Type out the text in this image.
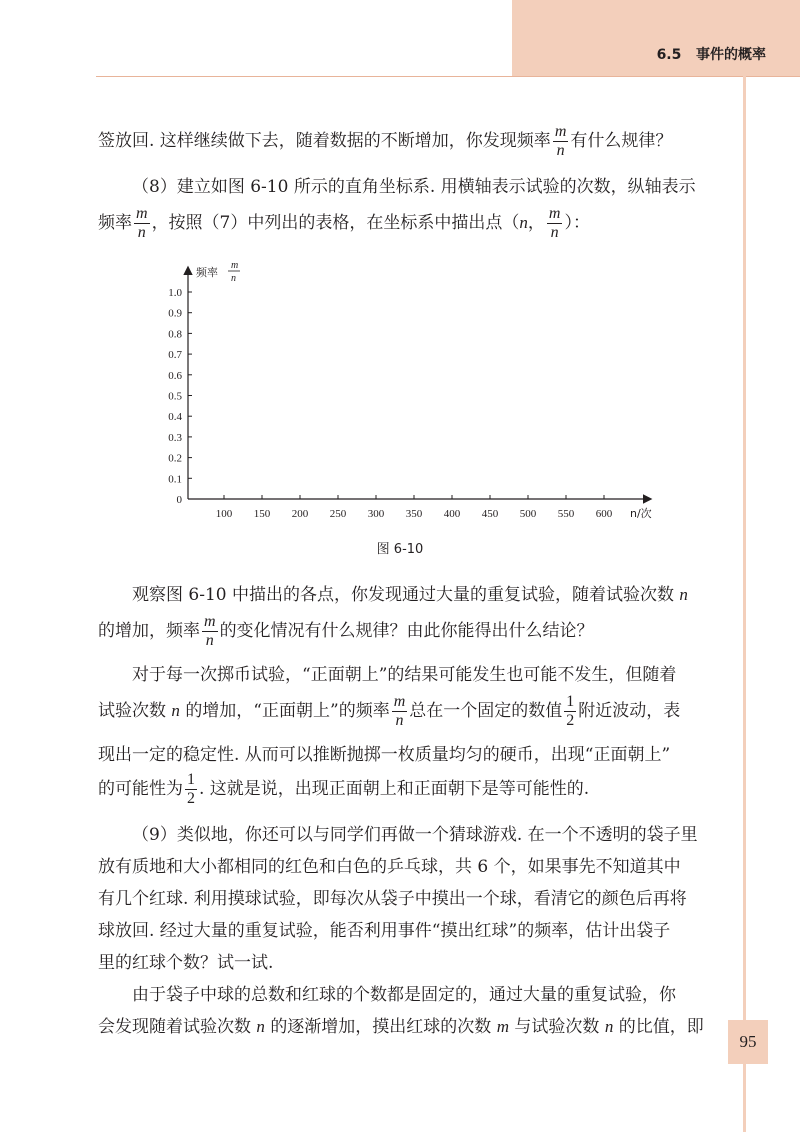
6.5 事件的概率
签放回. 这样继续做下去，随着数据的不断增加，你发现频率 $\frac{m}{n}$ 有什么规律？
（8）建立如图 6-10 所示的直角坐标系. 用横轴表示试验的次数，纵轴表示
频率 $\frac{m}{n}$ ，按照（7）中列出的表格，在坐标系中描出点（n， $\frac{m}{n}$ ）：
0
0.1
0.2
0.3
0.4
0.5
0.6
0.7
0.8
0.9
1.0
100 150 200 250 300 350 400 450 500 550 600
频率
m
n
n/次
图 6-10
观察图 6-10 中描出的各点，你发现通过大量的重复试验，随着试验次数 n
的增加，频率 $\frac{m}{n}$ 的变化情况有什么规律？由此你能得出什么结论？
对于每一次掷币试验，“正面朝上”的结果可能发生也可能不发生，但随着
试验次数 n 的增加，“正面朝上”的频率 $\frac{m}{n}$ 总在一个固定的数值 $\frac{1}{2}$ 附近波动，表
现出一定的稳定性. 从而可以推断抛掷一枚质量均匀的硬币，出现“正面朝上”
的可能性为 $\frac{1}{2}$ . 这就是说，出现正面朝上和正面朝下是等可能性的.
（9）类似地，你还可以与同学们再做一个猜球游戏. 在一个不透明的袋子里
放有质地和大小都相同的红色和白色的乒乓球，共 6 个，如果事先不知道其中
有几个红球. 利用摸球试验，即每次从袋子中摸出一个球，看清它的颜色后再将
球放回. 经过大量的重复试验，能否利用事件“摸出红球”的频率，估计出袋子
里的红球个数？试一试.
由于袋子中球的总数和红球的个数都是固定的，通过大量的重复试验，你
会发现随着试验次数 n 的逐渐增加，摸出红球的次数 m 与试验次数 n 的比值，即
95
